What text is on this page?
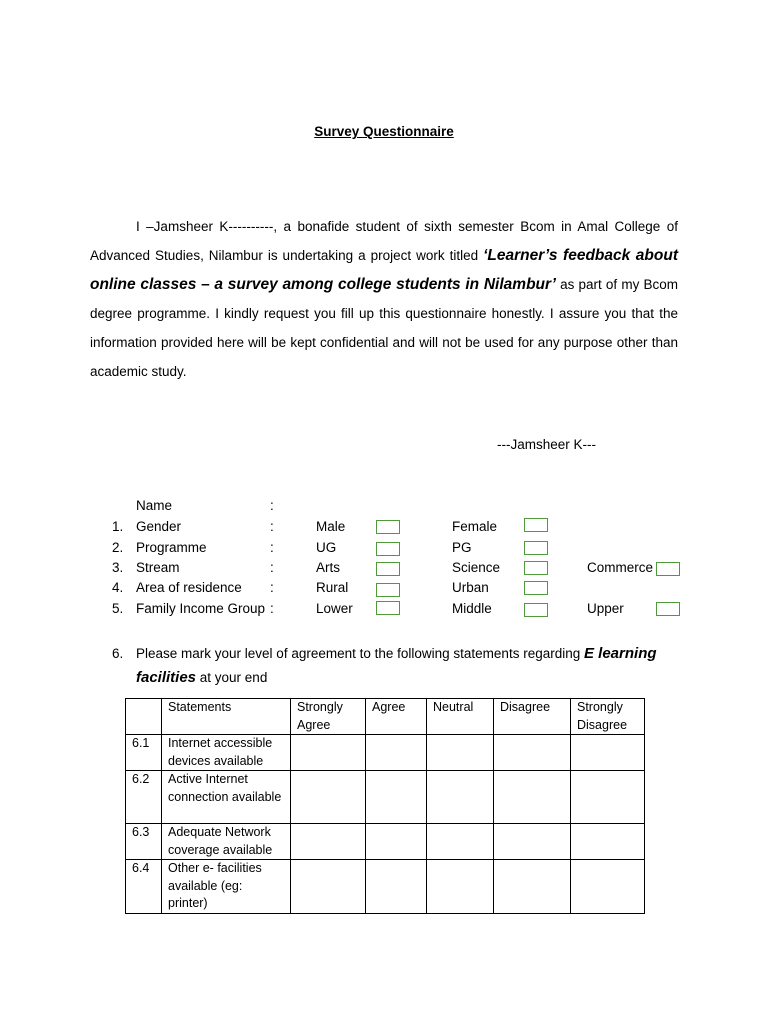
Survey Questionnaire

I –Jamsheer K----------, a bonafide student of sixth semester Bcom in Amal College of Advanced Studies, Nilambur is undertaking a project work titled ‘Learner’s feedback about online classes – a survey among college students in Nilambur’ as part of my Bcom degree programme. I kindly request you fill up this questionnaire honestly. I assure you that the information provided here will be kept confidential and will not be used for any purpose other than academic study.

---Jamsheer K---
Name	:
1. Gender	:	Male	Female
2. Programme	:	UG	PG
3. Stream	:	Arts	Science	Commerce
4. Area of residence :	Rural	Urban
5. Family Income Group :	Lower	Middle	Upper
6. Please mark your level of agreement to the following statements regarding E learning facilities at your end
	Statements	Strongly Agree	Agree	Neutral	Disagree	Strongly Disagree
6.1	Internet accessible devices available					
6.2	Active Internet connection available					
6.3	Adequate Network coverage available					
6.4	Other e- facilities available (eg: printer)					
